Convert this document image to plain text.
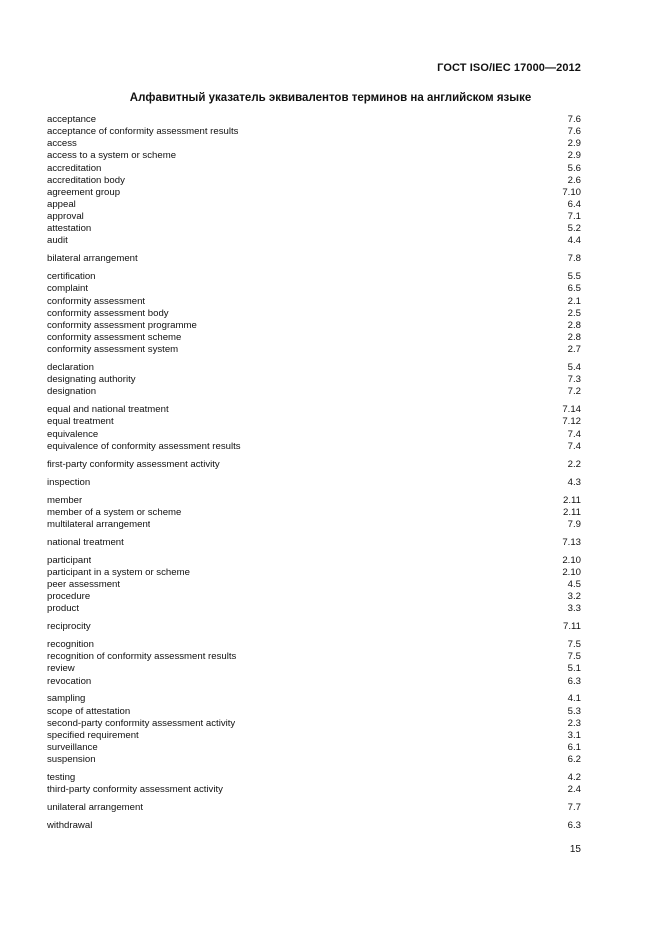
ГОСТ ISO/IEC 17000—2012
Алфавитный указатель эквивалентов терминов на английском языке
acceptance	7.6
acceptance of conformity assessment results	7.6
access	2.9
access to a system or scheme	2.9
accreditation	5.6
accreditation body	2.6
agreement group	7.10
appeal	6.4
approval	7.1
attestation	5.2
audit	4.4
bilateral arrangement	7.8
certification	5.5
complaint	6.5
conformity assessment	2.1
conformity assessment body	2.5
conformity assessment programme	2.8
conformity assessment scheme	2.8
conformity assessment system	2.7
declaration	5.4
designating authority	7.3
designation	7.2
equal and national treatment	7.14
equal treatment	7.12
equivalence	7.4
equivalence of conformity assessment results	7.4
first-party conformity assessment activity	2.2
inspection	4.3
member	2.11
member of a system or scheme	2.11
multilateral arrangement	7.9
national treatment	7.13
participant	2.10
participant in a system or scheme	2.10
peer assessment	4.5
procedure	3.2
product	3.3
reciprocity	7.11
recognition	7.5
recognition of conformity assessment results	7.5
review	5.1
revocation	6.3
sampling	4.1
scope of attestation	5.3
second-party conformity assessment activity	2.3
specified requirement	3.1
surveillance	6.1
suspension	6.2
testing	4.2
third-party conformity assessment activity	2.4
unilateral arrangement	7.7
withdrawal	6.3
15
